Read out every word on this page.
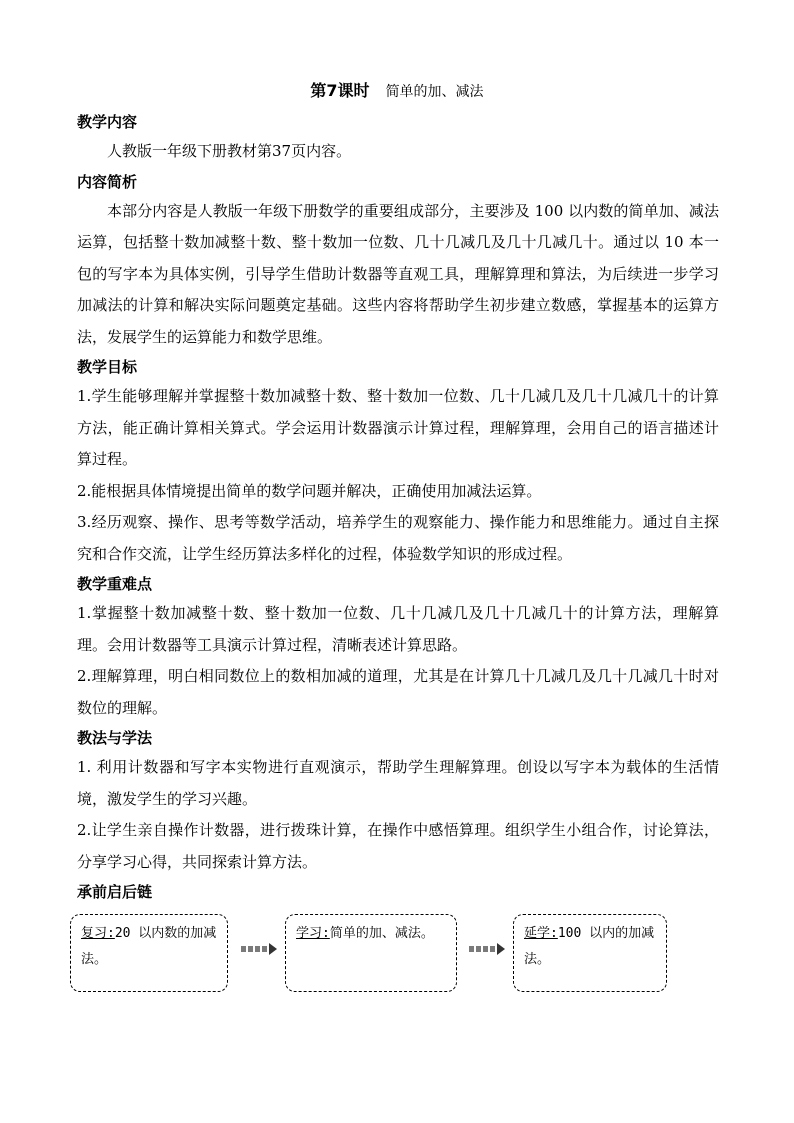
第7课时 简单的加、减法

教学内容

人教版一年级下册教材第37页内容。

内容简析

本部分内容是人教版一年级下册数学的重要组成部分，主要涉及 100 以内数的简单加、减法运算，包括整十数加减整十数、整十数加一位数、几十几减几及几十几减几十。通过以 10 本一包的写字本为具体实例，引导学生借助计数器等直观工具，理解算理和算法，为后续进一步学习加减法的计算和解决实际问题奠定基础。这些内容将帮助学生初步建立数感，掌握基本的运算方法，发展学生的运算能力和数学思维。

教学目标

1.学生能够理解并掌握整十数加减整十数、整十数加一位数、几十几减几及几十几减几十的计算方法，能正确计算相关算式。学会运用计数器演示计算过程，理解算理，会用自己的语言描述计算过程。

2.能根据具体情境提出简单的数学问题并解决，正确使用加减法运算。

3.经历观察、操作、思考等数学活动，培养学生的观察能力、操作能力和思维能力。通过自主探究和合作交流，让学生经历算法多样化的过程，体验数学知识的形成过程。

教学重难点

1.掌握整十数加减整十数、整十数加一位数、几十几减几及几十几减几十的计算方法，理解算理。会用计数器等工具演示计算过程，清晰表述计算思路。

2.理解算理，明白相同数位上的数相加减的道理，尤其是在计算几十几减几及几十几减几十时对数位的理解。

教法与学法

1. 利用计数器和写字本实物进行直观演示，帮助学生理解算理。创设以写字本为载体的生活情境，激发学生的学习兴趣。

2.让学生亲自操作计数器，进行拨珠计算，在操作中感悟算理。组织学生小组合作，讨论算法，分享学习心得，共同探索计算方法。

承前启后链

复习:20 以内数的加减法。
学习:简单的加、减法。	延学:100 以内的加减法。
